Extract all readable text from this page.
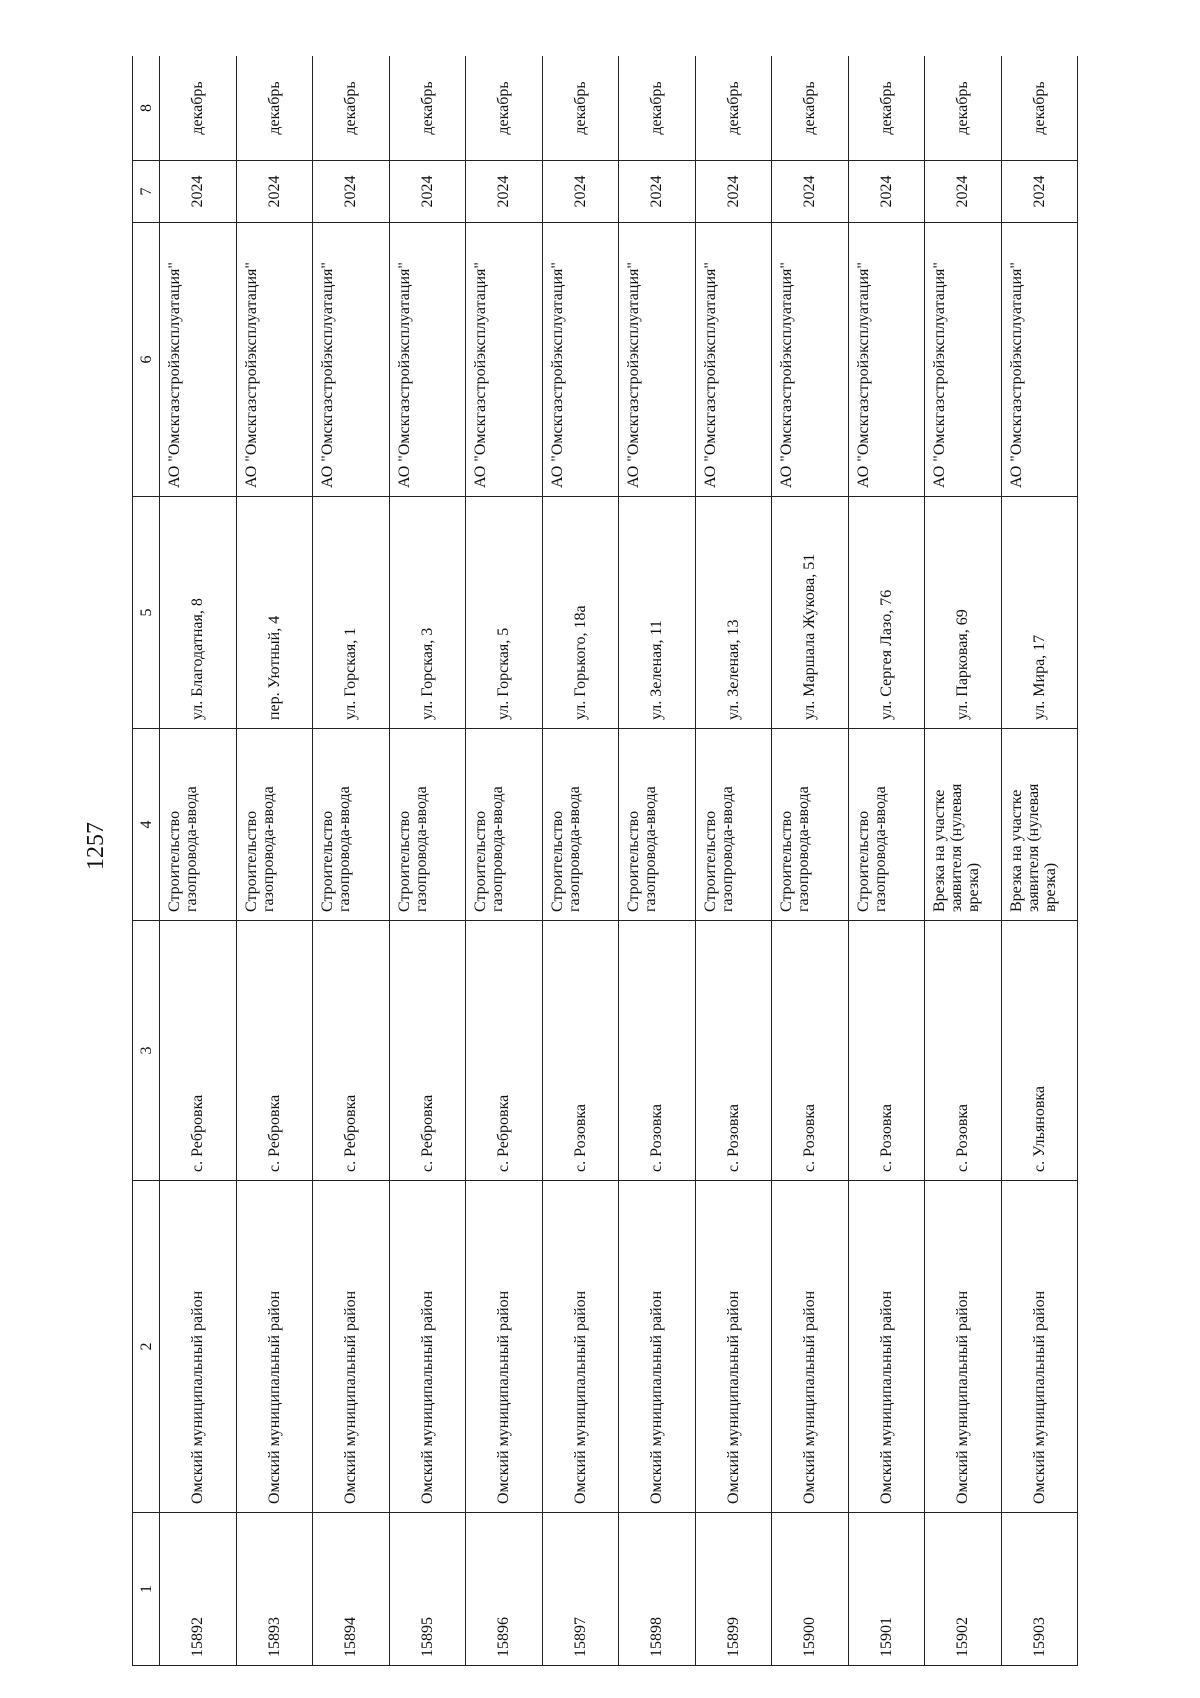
1257
1	2	3	4	5	6	7	8
15892	Омский муниципальный район	с. Ребровка	Строительство газопровода-ввода	ул. Благодатная, 8	АО "Омскгазстройэксплуатация"	2024	декабрь
15893	Омский муниципальный район	с. Ребровка	Строительство газопровода-ввода	пер. Уютный, 4	АО "Омскгазстройэксплуатация"	2024	декабрь
15894	Омский муниципальный район	с. Ребровка	Строительство газопровода-ввода	ул. Горская, 1	АО "Омскгазстройэксплуатация"	2024	декабрь
15895	Омский муниципальный район	с. Ребровка	Строительство газопровода-ввода	ул. Горская, 3	АО "Омскгазстройэксплуатация"	2024	декабрь
15896	Омский муниципальный район	с. Ребровка	Строительство газопровода-ввода	ул. Горская, 5	АО "Омскгазстройэксплуатация"	2024	декабрь
15897	Омский муниципальный район	с. Розовка	Строительство газопровода-ввода	ул. Горького, 18а	АО "Омскгазстройэксплуатация"	2024	декабрь
15898	Омский муниципальный район	с. Розовка	Строительство газопровода-ввода	ул. Зеленая, 11	АО "Омскгазстройэксплуатация"	2024	декабрь
15899	Омский муниципальный район	с. Розовка	Строительство газопровода-ввода	ул. Зеленая, 13	АО "Омскгазстройэксплуатация"	2024	декабрь
15900	Омский муниципальный район	с. Розовка	Строительство газопровода-ввода	ул. Маршала Жукова, 51	АО "Омскгазстройэксплуатация"	2024	декабрь
15901	Омский муниципальный район	с. Розовка	Строительство газопровода-ввода	ул. Сергея Лазо, 76	АО "Омскгазстройэксплуатация"	2024	декабрь
15902	Омский муниципальный район	с. Розовка	Врезка на участке заявителя (нулевая врезка)	ул. Парковая, 69	АО "Омскгазстройэксплуатация"	2024	декабрь
15903	Омский муниципальный район	с. Ульяновка	Врезка на участке заявителя (нулевая врезка)	ул. Мира, 17	АО "Омскгазстройэксплуатация"	2024	декабрь
